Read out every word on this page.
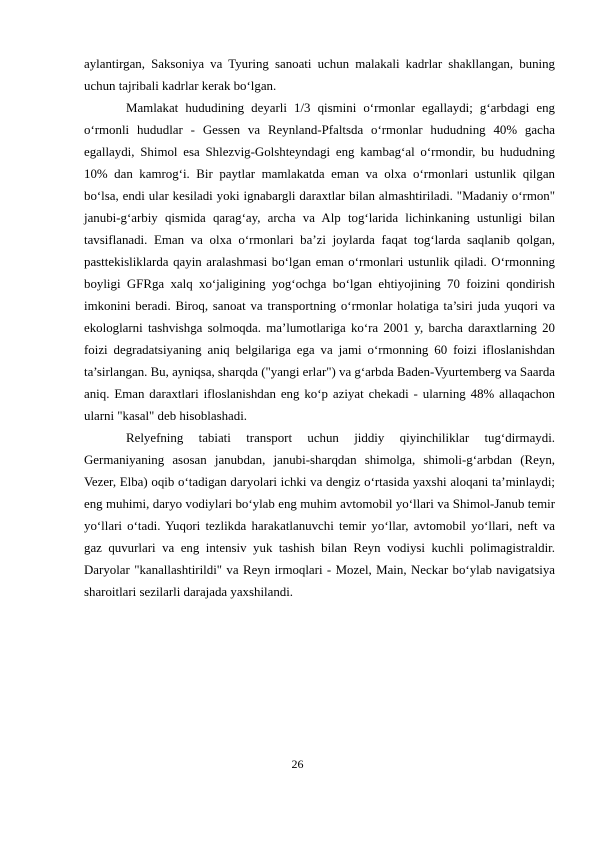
aylantirgan, Saksoniya va Tyuring sanoati uchun malakali kadrlar shakllangan, buning uchun tajribali kadrlar kerak bo‘lgan.

Mamlakat hududining deyarli 1/3 qismini o‘rmonlar egallaydi; g‘arbdagi eng o‘rmonli hududlar - Gessen va Reynland-Pfaltsda o‘rmonlar hududning 40% gacha egallaydi, Shimol esa Shlezvig-Golshteyndagi eng kambag‘al o‘rmondir, bu hududning 10% dan kamrog‘i. Bir paytlar mamlakatda eman va olxa o‘rmonlari ustunlik qilgan bo‘lsa, endi ular kesiladi yoki ignabargli daraxtlar bilan almashtiriladi. "Madaniy o‘rmon" janubi-g‘arbiy qismida qarag‘ay, archa va Alp tog‘larida lichinkaning ustunligi bilan tavsiflanadi. Eman va olxa o‘rmonlari ba’zi joylarda faqat tog‘larda saqlanib qolgan, pasttekisliklarda qayin aralashmasi bo‘lgan eman o‘rmonlari ustunlik qiladi. O‘rmonning boyligi GFRga xalq xo‘jaligining yog‘ochga bo‘lgan ehtiyojining 70 foizini qondirish imkonini beradi. Biroq, sanoat va transportning o‘rmonlar holatiga ta’siri juda yuqori va ekologlarni tashvishga solmoqda. ma’lumotlariga ko‘ra 2001 y, barcha daraxtlarning 20 foizi degradatsiyaning aniq belgilariga ega va jami o‘rmonning 60 foizi ifloslanishdan ta’sirlangan. Bu, ayniqsa, sharqda ("yangi erlar") va g‘arbda Baden-Vyurtemberg va Saarda aniq. Eman daraxtlari ifloslanishdan eng ko‘p aziyat chekadi - ularning 48% allaqachon ularni "kasal" deb hisoblashadi.

Relyefning tabiati transport uchun jiddiy qiyinchiliklar tug‘dirmaydi. Germaniyaning asosan janubdan, janubi-sharqdan shimolga, shimoli-g‘arbdan (Reyn, Vezer, Elba) oqib o‘tadigan daryolari ichki va dengiz o‘rtasida yaxshi aloqani ta’minlaydi; eng muhimi, daryo vodiylari bo‘ylab eng muhim avtomobil yo‘llari va Shimol-Janub temir yo‘llari o‘tadi. Yuqori tezlikda harakatlanuvchi temir yo‘llar, avtomobil yo‘llari, neft va gaz quvurlari va eng intensiv yuk tashish bilan Reyn vodiysi kuchli polimagistraldir. Daryolar "kanallashtirildi" va Reyn irmoqlari - Mozel, Main, Neckar bo‘ylab navigatsiya sharoitlari sezilarli darajada yaxshilandi.

26
